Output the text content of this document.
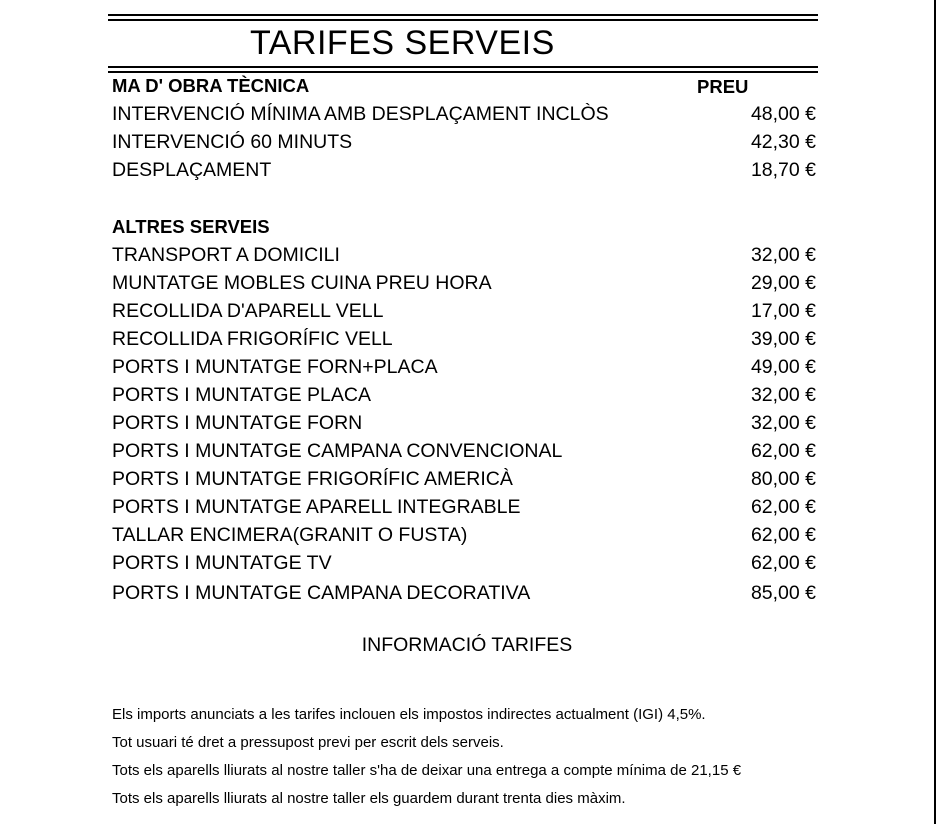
TARIFES SERVEIS
MA D' OBRA TÈCNICA	PREU
INTERVENCIÓ MÍNIMA AMB DESPLAÇAMENT INCLÒS	48,00 €
INTERVENCIÓ 60 MINUTS	42,30 €
DESPLAÇAMENT	18,70 €
ALTRES SERVEIS
TRANSPORT A DOMICILI	32,00 €
MUNTATGE MOBLES CUINA PREU HORA	29,00 €
RECOLLIDA D'APARELL VELL	17,00 €
RECOLLIDA FRIGORÍFIC VELL	39,00 €
PORTS I MUNTATGE FORN+PLACA	49,00 €
PORTS I MUNTATGE PLACA	32,00 €
PORTS I MUNTATGE FORN	32,00 €
PORTS I MUNTATGE CAMPANA CONVENCIONAL	62,00 €
PORTS I MUNTATGE FRIGORÍFIC AMERICÀ	80,00 €
PORTS I MUNTATGE APARELL INTEGRABLE	62,00 €
TALLAR ENCIMERA(GRANIT O FUSTA)	62,00 €
PORTS I MUNTATGE TV	62,00 €
PORTS I MUNTATGE CAMPANA DECORATIVA	85,00 €
INFORMACIÓ TARIFES
Els imports anunciats a les tarifes inclouen els impostos indirectes actualment (IGI) 4,5%.
Tot usuari té dret a pressupost previ per escrit dels serveis.
Tots els aparells lliurats al nostre taller s'ha de deixar una entrega a compte mínima de 21,15 €
Tots els aparells lliurats al nostre taller els guardem durant trenta dies màxim.
